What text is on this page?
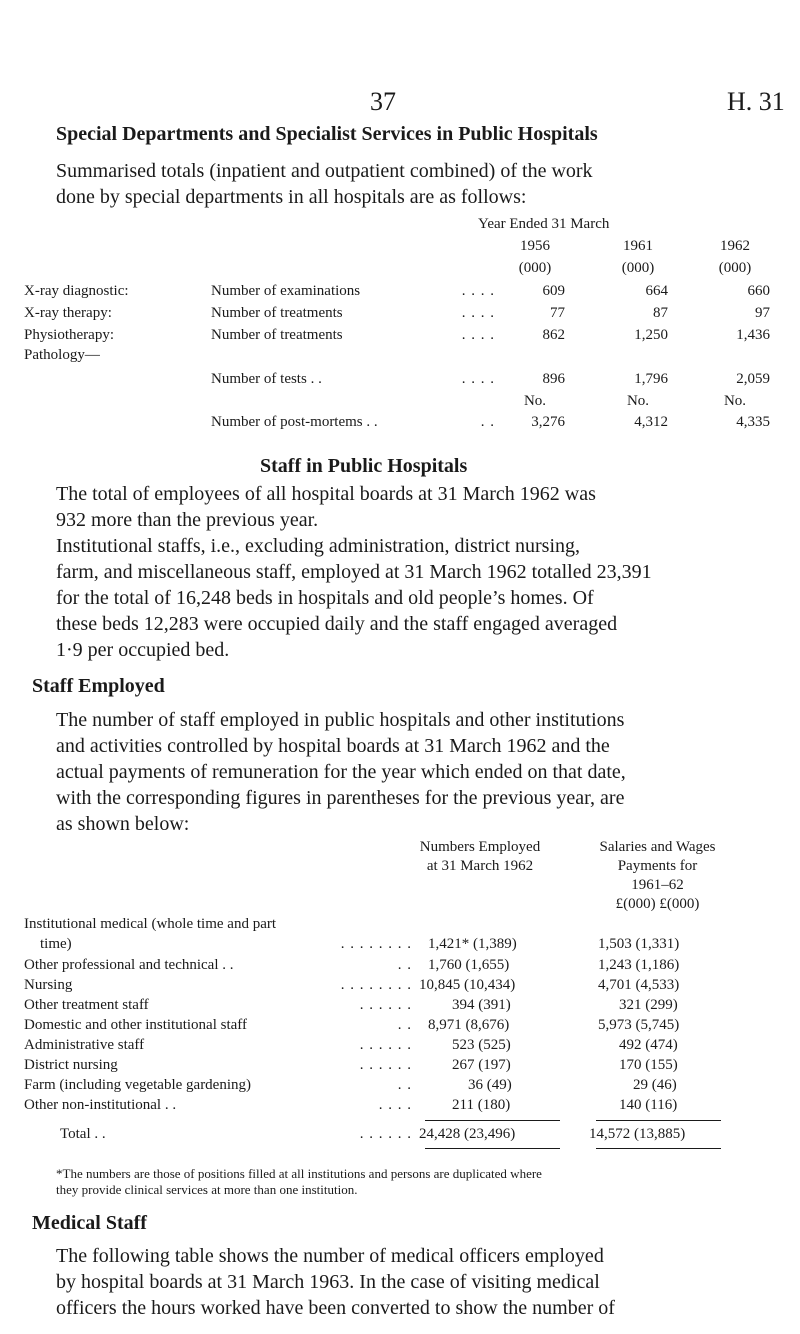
37	H. 31
Special Departments and Specialist Services in Public Hospitals

Summarised totals (inpatient and outpatient combined) of the work

done by special departments in all hospitals are as follows:

Year Ended 31 March
1956	1961	1962
(000)	(000)	(000)
X-ray diagnostic:	Number of examinations	. . . .	609	664	660
X-ray therapy:	Number of treatments	. . . .	77	87	97
Physiotherapy:	Number of treatments	. . . .	862	1,250	1,436
Pathology—
Number of tests . .	. . . .	896	1,796	2,059
No.	No.	No.
Number of post-mortems . .	. .	3,276	4,312	4,335
Staff in Public Hospitals

The total of employees of all hospital boards at 31 March 1962 was

932 more than the previous year.

Institutional staffs, i.e., excluding administration, district nursing,

farm, and miscellaneous staff, employed at 31 March 1962 totalled 23,391

for the total of 16,248 beds in hospitals and old people’s homes. Of

these beds 12,283 were occupied daily and the staff engaged averaged

1·9 per occupied bed.

Staff Employed

The number of staff employed in public hospitals and other institutions

and activities controlled by hospital boards at 31 March 1962 and the

actual payments of remuneration for the year which ended on that date,

with the corresponding figures in parentheses for the previous year, are

as shown below:

Numbers Employed
at 31 March 1962
Salaries and Wages
Payments for
1961–62
£(000) £(000)
Institutional medical (whole time and part
time)	. . . . . . . . 1,421* (1,389)	1,503 (1,331)
Other professional and technical . .	. . 1,760 (1,655)	1,243 (1,186)
Nursing	. . . . . . . . 10,845 (10,434)	4,701 (4,533)
Other treatment staff	. . . . . .	394 (391)	321 (299)
Domestic and other institutional staff	. . 8,971 (8,676)	5,973 (5,745)
Administrative staff	. . . . . .	523 (525)	492 (474)
District nursing	. . . . . .	267 (197)	170 (155)
Farm (including vegetable gardening)	. .	36 (49)	29 (46)
Other non-institutional . .	. . . .	211 (180)	140 (116)
Total . .	. . . . . . 24,428 (23,496)	14,572 (13,885)
*The numbers are those of positions filled at all institutions and persons are duplicated where
they provide clinical services at more than one institution.
Medical Staff

The following table shows the number of medical officers employed

by hospital boards at 31 March 1963. In the case of visiting medical

officers the hours worked have been converted to show the number of
